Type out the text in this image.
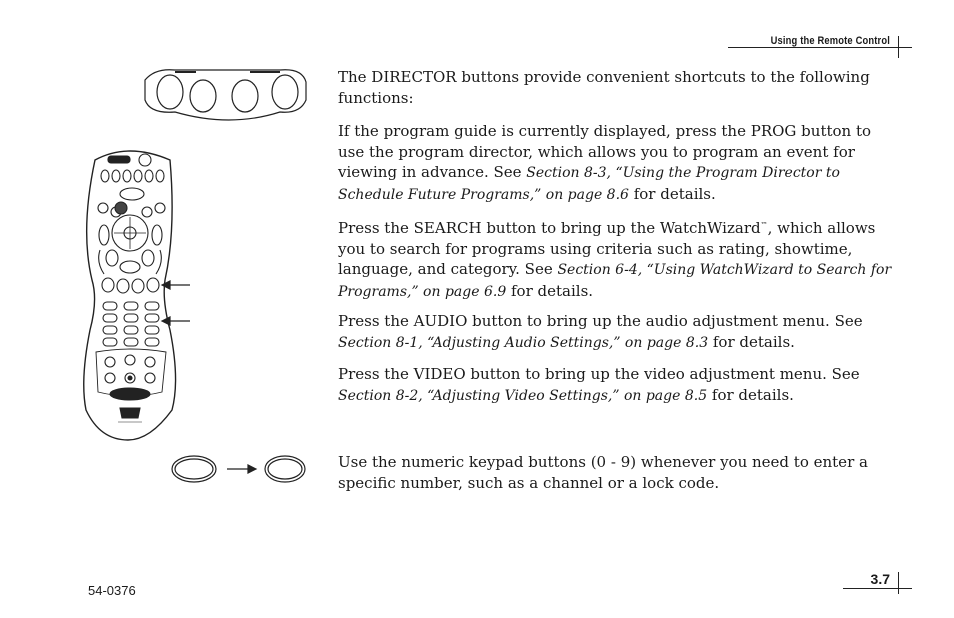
Using the Remote Control

The DIRECTOR buttons provide convenient shortcuts to the following functions:

If the program guide is currently displayed, press the PROG button to use the program director, which allows you to program an event for viewing in advance. See Section 8-3, “Using the Program Director to Schedule Future Programs,” on page 8.6 for details.

Press the SEARCH button to bring up the WatchWizard™, which allows you to search for programs using criteria such as rating, showtime, language, and category. See Section 6-4, “Using WatchWizard to Search for Programs,” on page 6.9 for details.

Press the AUDIO button to bring up the audio adjustment menu. See Section 8-1, “Adjusting Audio Settings,” on page 8.3 for details.

Press the VIDEO button to bring up the video adjustment menu. See Section 8-2, “Adjusting Video Settings,” on page 8.5 for details.

Use the numeric keypad buttons (0 - 9) whenever you need to enter a specific number, such as a channel or a lock code.

3.7
54-0376
